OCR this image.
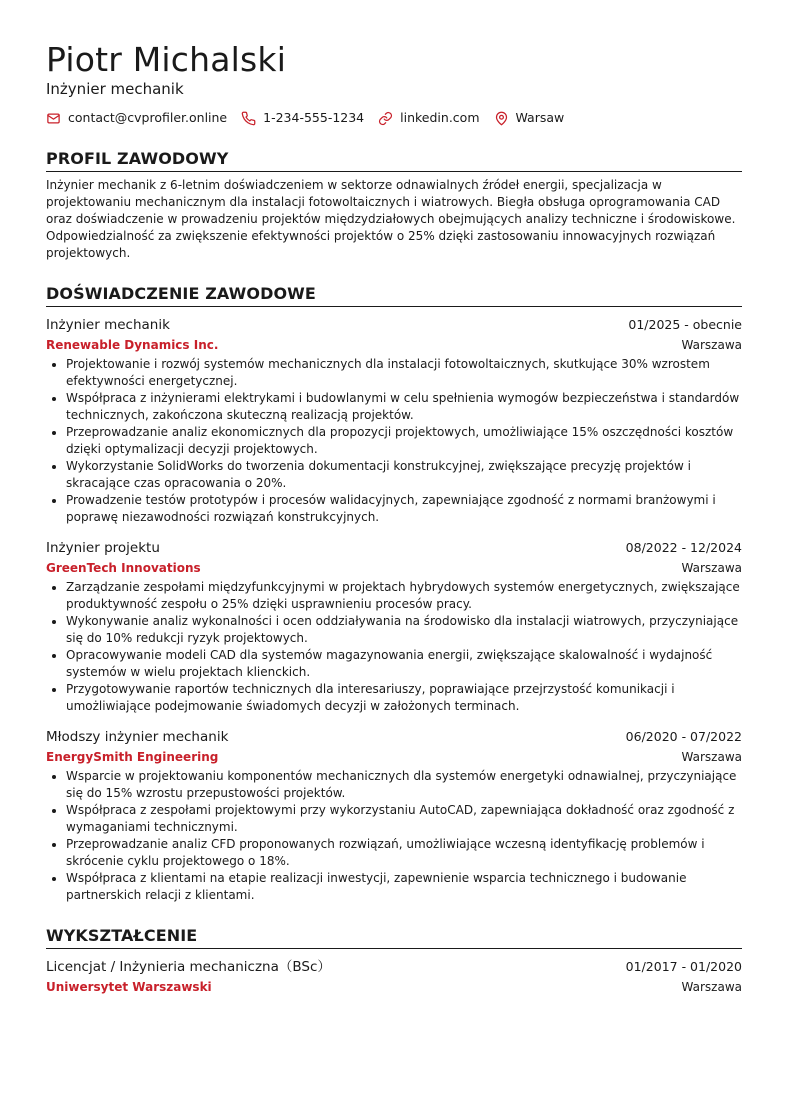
Piotr Michalski

Inżynier mechanik

contact@cvprofiler.online	1-234-555-1234	linkedin.com	Warsaw
PROFIL ZAWODOWY
Inżynier mechanik z 6-letnim doświadczeniem w sektorze odnawialnych źródeł energii, specjalizacja w projektowaniu mechanicznym dla instalacji fotowoltaicznych i wiatrowych. Biegła obsługa oprogramowania CAD oraz doświadczenie w prowadzeniu projektów międzydziałowych obejmujących analizy techniczne i środowiskowe. Odpowiedzialność za zwiększenie efektywności projektów o 25% dzięki zastosowaniu innowacyjnych rozwiązań projektowych.
DOŚWIADCZENIE ZAWODOWE
Inżynier mechanik	01/2025 - obecnie
Renewable Dynamics Inc.	Warszawa
• Projektowanie i rozwój systemów mechanicznych dla instalacji fotowoltaicznych, skutkujące 30% wzrostem efektywności energetycznej.
• Współpraca z inżynierami elektrykami i budowlanymi w celu spełnienia wymogów bezpieczeństwa i standardów technicznych, zakończona skuteczną realizacją projektów.
• Przeprowadzanie analiz ekonomicznych dla propozycji projektowych, umożliwiające 15% oszczędności kosztów dzięki optymalizacji decyzji projektowych.
• Wykorzystanie SolidWorks do tworzenia dokumentacji konstrukcyjnej, zwiększające precyzję projektów i skracające czas opracowania o 20%.
• Prowadzenie testów prototypów i procesów walidacyjnych, zapewniające zgodność z normami branżowymi i poprawę niezawodności rozwiązań konstrukcyjnych.
Inżynier projektu	08/2022 - 12/2024
GreenTech Innovations	Warszawa
• Zarządzanie zespołami międzyfunkcyjnymi w projektach hybrydowych systemów energetycznych, zwiększające produktywność zespołu o 25% dzięki usprawnieniu procesów pracy.
• Wykonywanie analiz wykonalności i ocen oddziaływania na środowisko dla instalacji wiatrowych, przyczyniające się do 10% redukcji ryzyk projektowych.
• Opracowywanie modeli CAD dla systemów magazynowania energii, zwiększające skalowalność i wydajność systemów w wielu projektach klienckich.
• Przygotowywanie raportów technicznych dla interesariuszy, poprawiające przejrzystość komunikacji i umożliwiające podejmowanie świadomych decyzji w założonych terminach.
Młodszy inżynier mechanik	06/2020 - 07/2022
EnergySmith Engineering	Warszawa
• Wsparcie w projektowaniu komponentów mechanicznych dla systemów energetyki odnawialnej, przyczyniające się do 15% wzrostu przepustowości projektów.
• Współpraca z zespołami projektowymi przy wykorzystaniu AutoCAD, zapewniająca dokładność oraz zgodność z wymaganiami technicznymi.
• Przeprowadzanie analiz CFD proponowanych rozwiązań, umożliwiające wczesną identyfikację problemów i skrócenie cyklu projektowego o 18%.
• Współpraca z klientami na etapie realizacji inwestycji, zapewnienie wsparcia technicznego i budowanie partnerskich relacji z klientami.
WYKSZTAŁCENIE
Licencjat / Inżynieria mechaniczna（BSc）	01/2017 - 01/2020
Uniwersytet Warszawski	Warszawa
